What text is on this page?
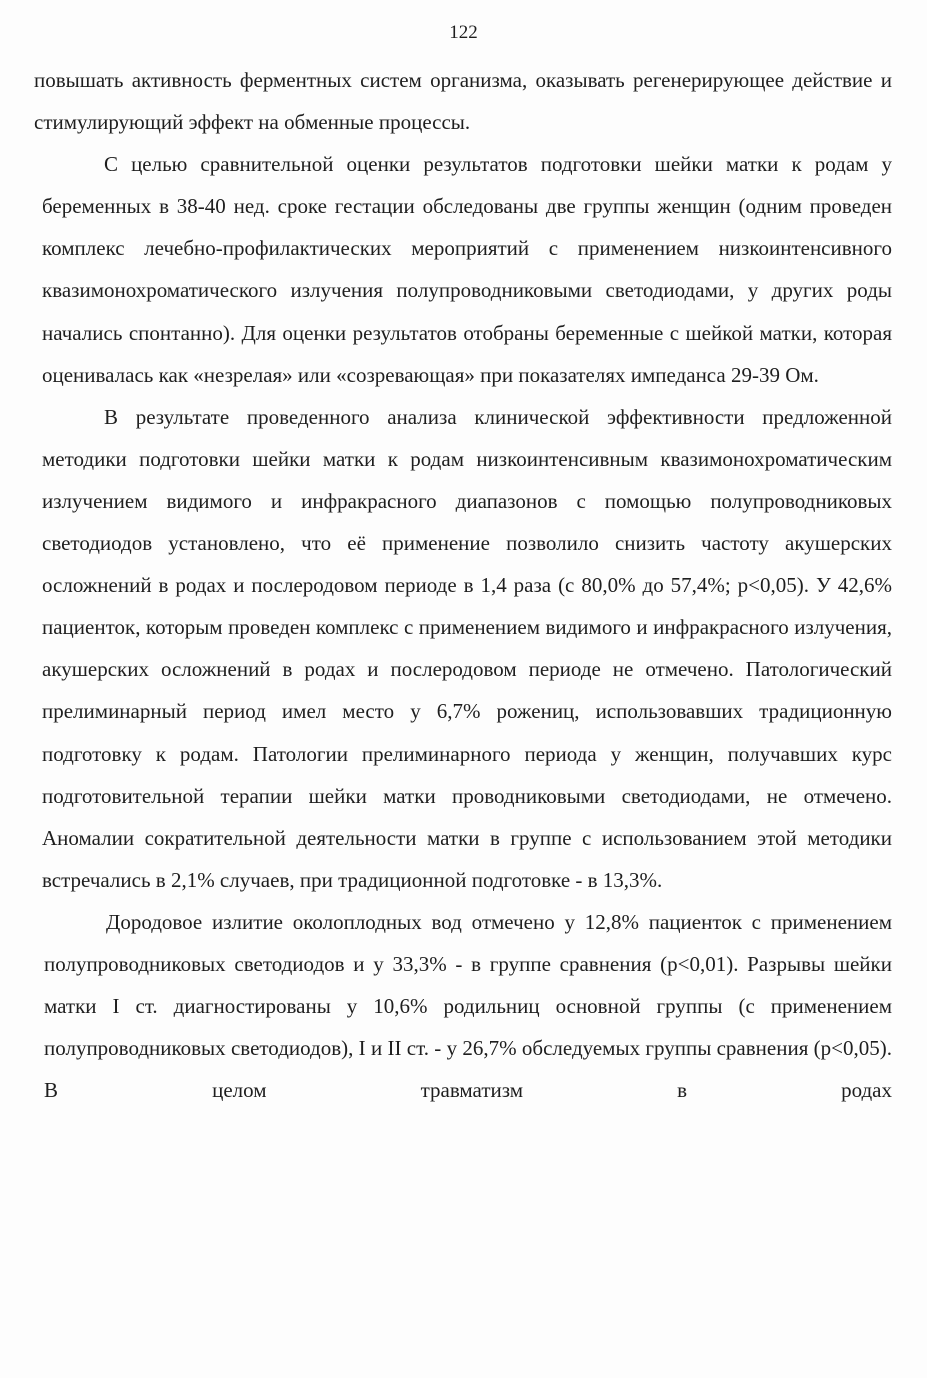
122

повышать активность ферментных систем организма, оказывать регенерирующее действие и стимулирующий эффект на обменные процессы.

С целью сравнительной оценки результатов подготовки шейки матки к родам у беременных в 38-40 нед. сроке гестации обследованы две группы женщин (одним проведен комплекс лечебно-профилактических мероприятий с применением низкоинтенсивного квазимонохроматического излучения полупроводниковыми светодиодами, у других роды начались спонтанно). Для оценки результатов отобраны беременные с шейкой матки, которая оценивалась как «незрелая» или «созревающая» при показателях импеданса 29-39 Ом.

В результате проведенного анализа клинической эффективности предложенной методики подготовки шейки матки к родам низкоинтенсивным квазимонохроматическим излучением видимого и инфракрасного диапазонов с помощью полупроводниковых светодиодов установлено, что её применение позволило снизить частоту акушерских осложнений в родах и послеродовом периоде в 1,4 раза (с 80,0% до 57,4%; p<0,05). У 42,6% пациенток, которым проведен комплекс с применением видимого и инфракрасного излучения, акушерских осложнений в родах и послеродовом периоде не отмечено. Патологический прелиминарный период имел место у 6,7% рожениц, использовавших традиционную подготовку к родам. Патологии прелиминарного периода у женщин, получавших курс подготовительной терапии шейки матки проводниковыми светодиодами, не отмечено. Аномалии сократительной деятельности матки в группе с использованием этой методики встречались в 2,1% случаев, при традиционной подготовке - в 13,3%.

Дородовое излитие околоплодных вод отмечено у 12,8% пациенток с применением полупроводниковых светодиодов и у 33,3% - в группе сравнения (p<0,01). Разрывы шейки матки I ст. диагностированы у 10,6% родильниц основной группы (с применением полупроводниковых светодиодов), I и II ст. - у 26,7% обследуемых группы сравнения (p<0,05). В целом травматизм в родах
